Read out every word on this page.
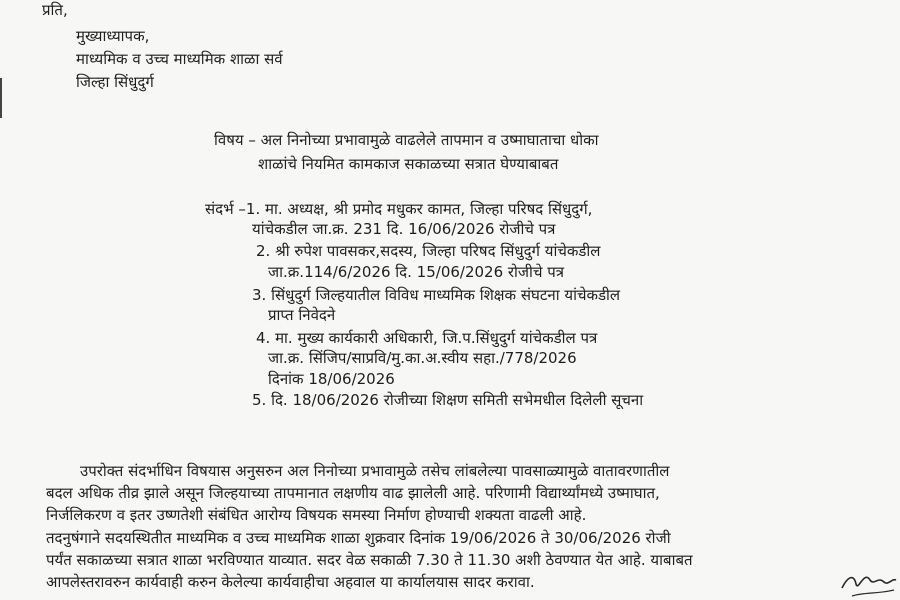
प्रति,
मुख्याध्यापक,
माध्यमिक व उच्च माध्यमिक शाळा सर्व
जिल्हा सिंधुदुर्ग
विषय – अल निनोच्या प्रभावामुळे वाढलेले तापमान व उष्माघाताचा धोका
शाळांचे नियमित कामकाज सकाळच्या सत्रात घेण्याबाबत
संदर्भ –1. मा. अध्यक्ष, श्री प्रमोद मधुकर कामत, जिल्हा परिषद सिंधुदुर्ग,
यांचेकडील जा.क्र. 231 दि. 16/06/2026 रोजीचे पत्र
2. श्री रुपेश पावसकर,सदस्य, जिल्हा परिषद सिंधुदुर्ग यांचेकडील
जा.क्र.114/6/2026 दि. 15/06/2026 रोजीचे पत्र
3. सिंधुदुर्ग जिल्हयातील विविध माध्यमिक शिक्षक संघटना यांचेकडील
प्राप्त निवेदने
4. मा. मुख्य कार्यकारी अधिकारी, जि.प.सिंधुदुर्ग यांचेकडील पत्र
जा.क्र. सिंजिप/साप्रवि/मु.का.अ.स्वीय सहा./778/2026
दिनांक 18/06/2026
5. दि. 18/06/2026 रोजीच्या शिक्षण समिती सभेमधील दिलेली सूचना
उपरोक्त संदर्भाधिन विषयास अनुसरुन अल निनोच्या प्रभावामुळे तसेच लांबलेल्या पावसाळ्यामुळे वातावरणातील
बदल अधिक तीव्र झाले असून जिल्हयाच्या तापमानात लक्षणीय वाढ झालेली आहे. परिणामी विद्यार्थ्यांमध्ये उष्माघात,
निर्जलिकरण व इतर उष्णतेशी संबंधित आरोग्य विषयक समस्या निर्माण होण्याची शक्यता वाढली आहे.
तदनुषंगाने सदयस्थितीत माध्यमिक व उच्च माध्यमिक शाळा शुक्रवार दिनांक 19/06/2026 ते 30/06/2026 रोजी
पर्यंत सकाळच्या सत्रात शाळा भरविण्यात याव्यात. सदर वेळ सकाळी 7.30 ते 11.30 अशी ठेवण्यात येत आहे. याबाबत
आपलेस्तरावरुन कार्यवाही करुन केलेल्या कार्यवाहीचा अहवाल या कार्यालयास सादर करावा.
